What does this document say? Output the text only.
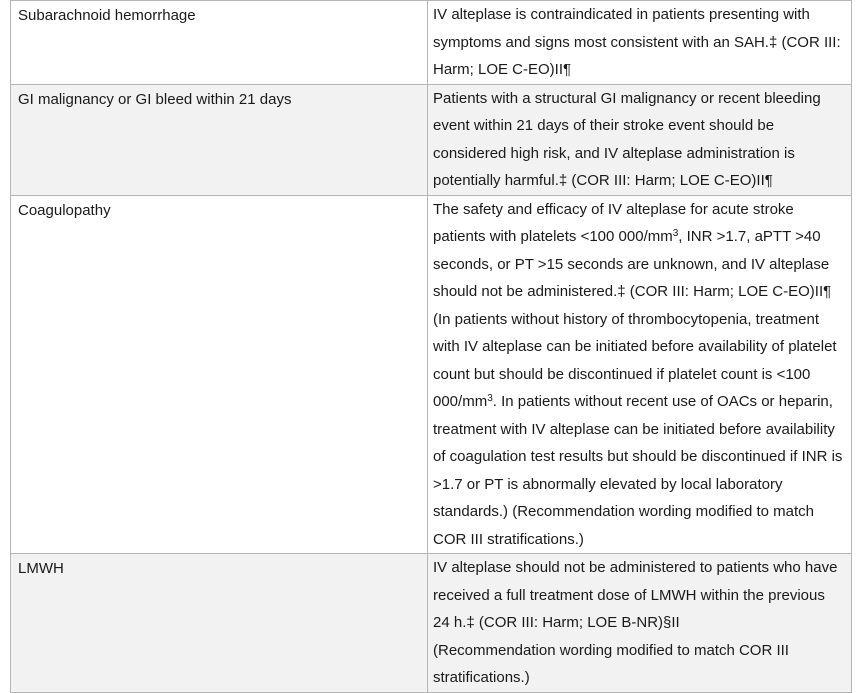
Subarachnoid hemorrhage	IV alteplase is contraindicated in patients presenting with symptoms and signs most consistent with an SAH.‡ (COR III: Harm; LOE C-EO)II¶

GI malignancy or GI bleed within 21 days	Patients with a structural GI malignancy or recent bleeding event within 21 days of their stroke event should be considered high risk, and IV alteplase administration is potentially harmful.‡ (COR III: Harm; LOE C-EO)II¶

Coagulopathy	The safety and efficacy of IV alteplase for acute stroke patients with platelets <100 $000/mm^3$, INR >1.7, aPTT >40 seconds, or PT >15 seconds are unknown, and IV alteplase should not be administered.‡ (COR III: Harm; LOE C-EO)II¶
(In patients without history of thrombocytopenia, treatment with IV alteplase can be initiated before availability of platelet count but should be discontinued if platelet count is <100 $000/mm^3$. In patients without recent use of OACs or heparin, treatment with IV alteplase can be initiated before availability of coagulation test results but should be discontinued if INR is >1.7 or PT is abnormally elevated by local laboratory standards.) (Recommendation wording modified to match COR III stratifications.)

LMWH	IV alteplase should not be administered to patients who have received a full treatment dose of LMWH within the previous 24 h.‡ (COR III: Harm; LOE B-NR)§II
(Recommendation wording modified to match COR III stratifications.)
